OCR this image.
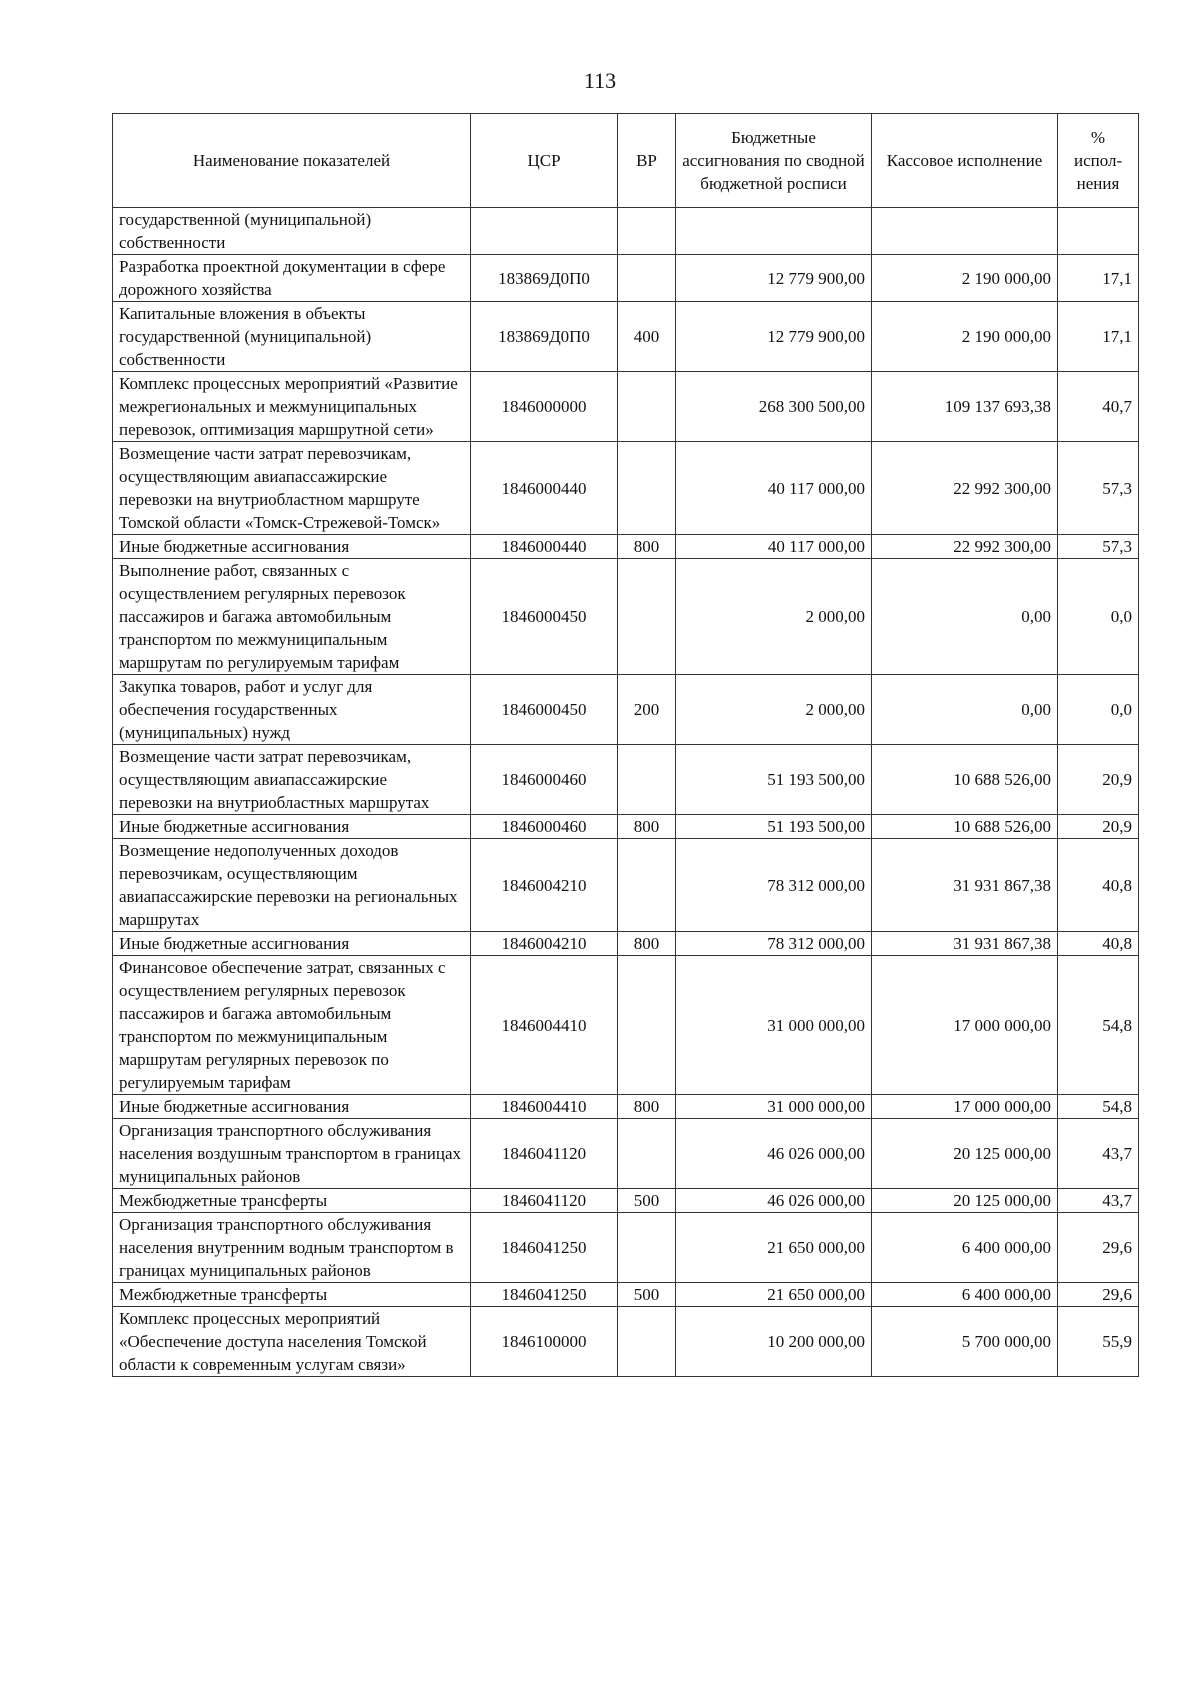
113
Наименование показателей	ЦСР	ВР	Бюджетные ассигнования по сводной бюджетной росписи	Кассовое исполнение	% испол-нения
государственной (муниципальной) собственности					
Разработка проектной документации в сфере дорожного хозяйства	183869Д0П0		12 779 900,00	2 190 000,00	17,1
Капитальные вложения в объекты государственной (муниципальной) собственности	183869Д0П0	400	12 779 900,00	2 190 000,00	17,1
Комплекс процессных мероприятий «Развитие межрегиональных и межмуниципальных перевозок, оптимизация маршрутной сети»	1846000000		268 300 500,00	109 137 693,38	40,7
Возмещение части затрат перевозчикам, осуществляющим авиапассажирские перевозки на внутриобластном маршруте Томской области «Томск-Стрежевой-Томск»	1846000440		40 117 000,00	22 992 300,00	57,3
Иные бюджетные ассигнования	1846000440	800	40 117 000,00	22 992 300,00	57,3
Выполнение работ, связанных с осуществлением регулярных перевозок пассажиров и багажа автомобильным транспортом по межмуниципальным маршрутам по регулируемым тарифам	1846000450		2 000,00	0,00	0,0
Закупка товаров, работ и услуг для обеспечения государственных (муниципальных) нужд	1846000450	200	2 000,00	0,00	0,0
Возмещение части затрат перевозчикам, осуществляющим авиапассажирские перевозки на внутриобластных маршрутах	1846000460		51 193 500,00	10 688 526,00	20,9
Иные бюджетные ассигнования	1846000460	800	51 193 500,00	10 688 526,00	20,9
Возмещение недополученных доходов перевозчикам, осуществляющим авиапассажирские перевозки на региональных маршрутах	1846004210		78 312 000,00	31 931 867,38	40,8
Иные бюджетные ассигнования	1846004210	800	78 312 000,00	31 931 867,38	40,8
Финансовое обеспечение затрат, связанных с осуществлением регулярных перевозок пассажиров и багажа автомобильным транспортом по межмуниципальным маршрутам регулярных перевозок по регулируемым тарифам	1846004410		31 000 000,00	17 000 000,00	54,8
Иные бюджетные ассигнования	1846004410	800	31 000 000,00	17 000 000,00	54,8
Организация транспортного обслуживания населения воздушным транспортом в границах муниципальных районов	1846041120		46 026 000,00	20 125 000,00	43,7
Межбюджетные трансферты	1846041120	500	46 026 000,00	20 125 000,00	43,7
Организация транспортного обслуживания населения внутренним водным транспортом в границах муниципальных районов	1846041250		21 650 000,00	6 400 000,00	29,6
Межбюджетные трансферты	1846041250	500	21 650 000,00	6 400 000,00	29,6
Комплекс процессных мероприятий «Обеспечение доступа населения Томской области к современным услугам связи»	1846100000		10 200 000,00	5 700 000,00	55,9
